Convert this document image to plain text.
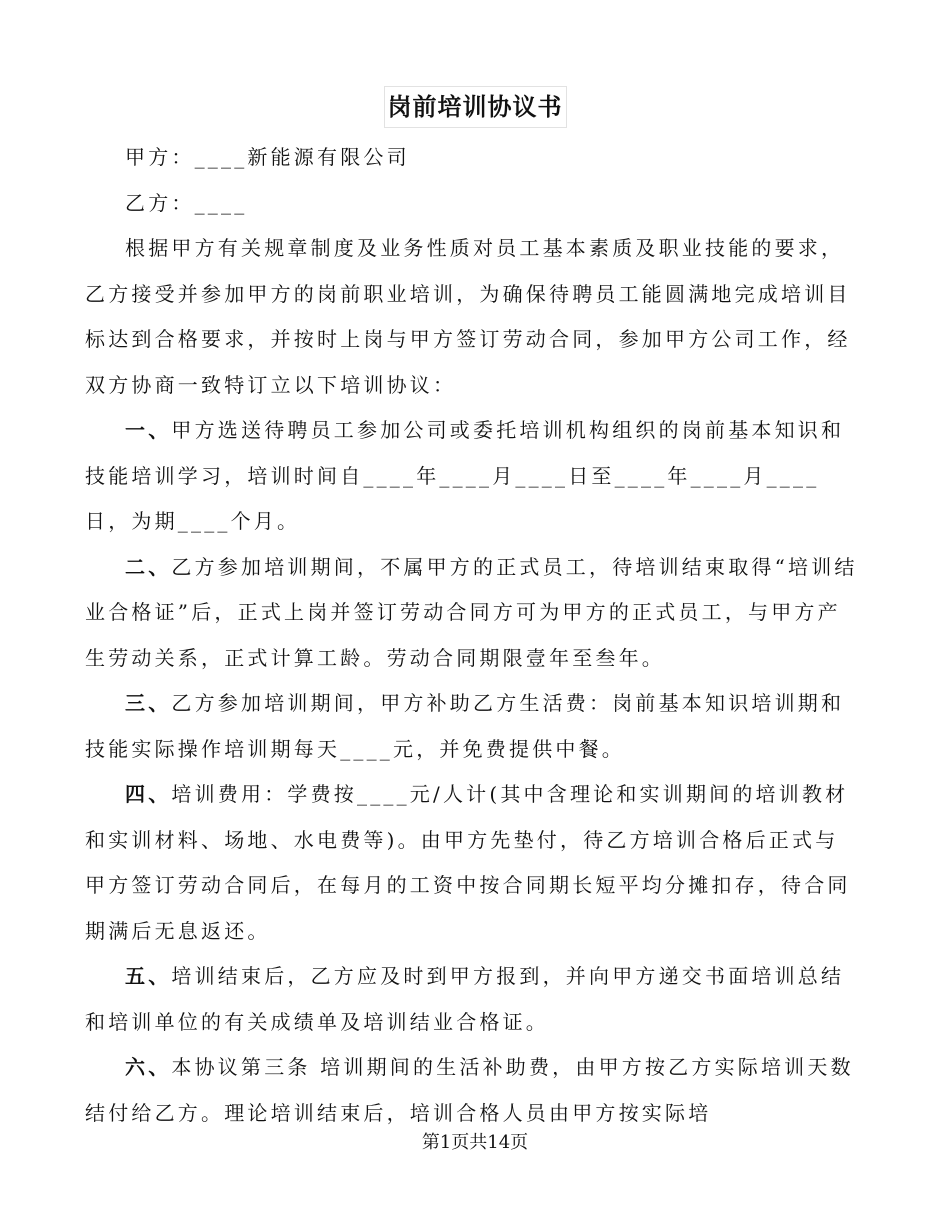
岗前培训协议书

甲方：____新能源有限公司

乙方：____

根据甲方有关规章制度及业务性质对员工基本素质及职业技能的要求，乙方接受并参加甲方的岗前职业培训，为确保待聘员工能圆满地完成培训目标达到合格要求，并按时上岗与甲方签订劳动合同，参加甲方公司工作，经双方协商一致特订立以下培训协议：

一、甲方选送待聘员工参加公司或委托培训机构组织的岗前基本知识和技能培训学习，培训时间自____年____月____日至____年____月____日，为期____个月。

二、乙方参加培训期间，不属甲方的正式员工，待培训结束取得“培训结业合格证”后，正式上岗并签订劳动合同方可为甲方的正式员工，与甲方产生劳动关系，正式计算工龄。劳动合同期限壹年至叁年。

三、乙方参加培训期间，甲方补助乙方生活费：岗前基本知识培训期和技能实际操作培训期每天____元，并免费提供中餐。

四、培训费用：学费按____元/人计(其中含理论和实训期间的培训教材和实训材料、场地、水电费等)。由甲方先垫付，待乙方培训合格后正式与甲方签订劳动合同后，在每月的工资中按合同期长短平均分摊扣存，待合同期满后无息返还。

五、培训结束后，乙方应及时到甲方报到，并向甲方递交书面培训总结和培训单位的有关成绩单及培训结业合格证。

六、本协议第三条 培训期间的生活补助费，由甲方按乙方实际培训天数结付给乙方。理论培训结束后，培训合格人员由甲方按实际培

第1页共14页
